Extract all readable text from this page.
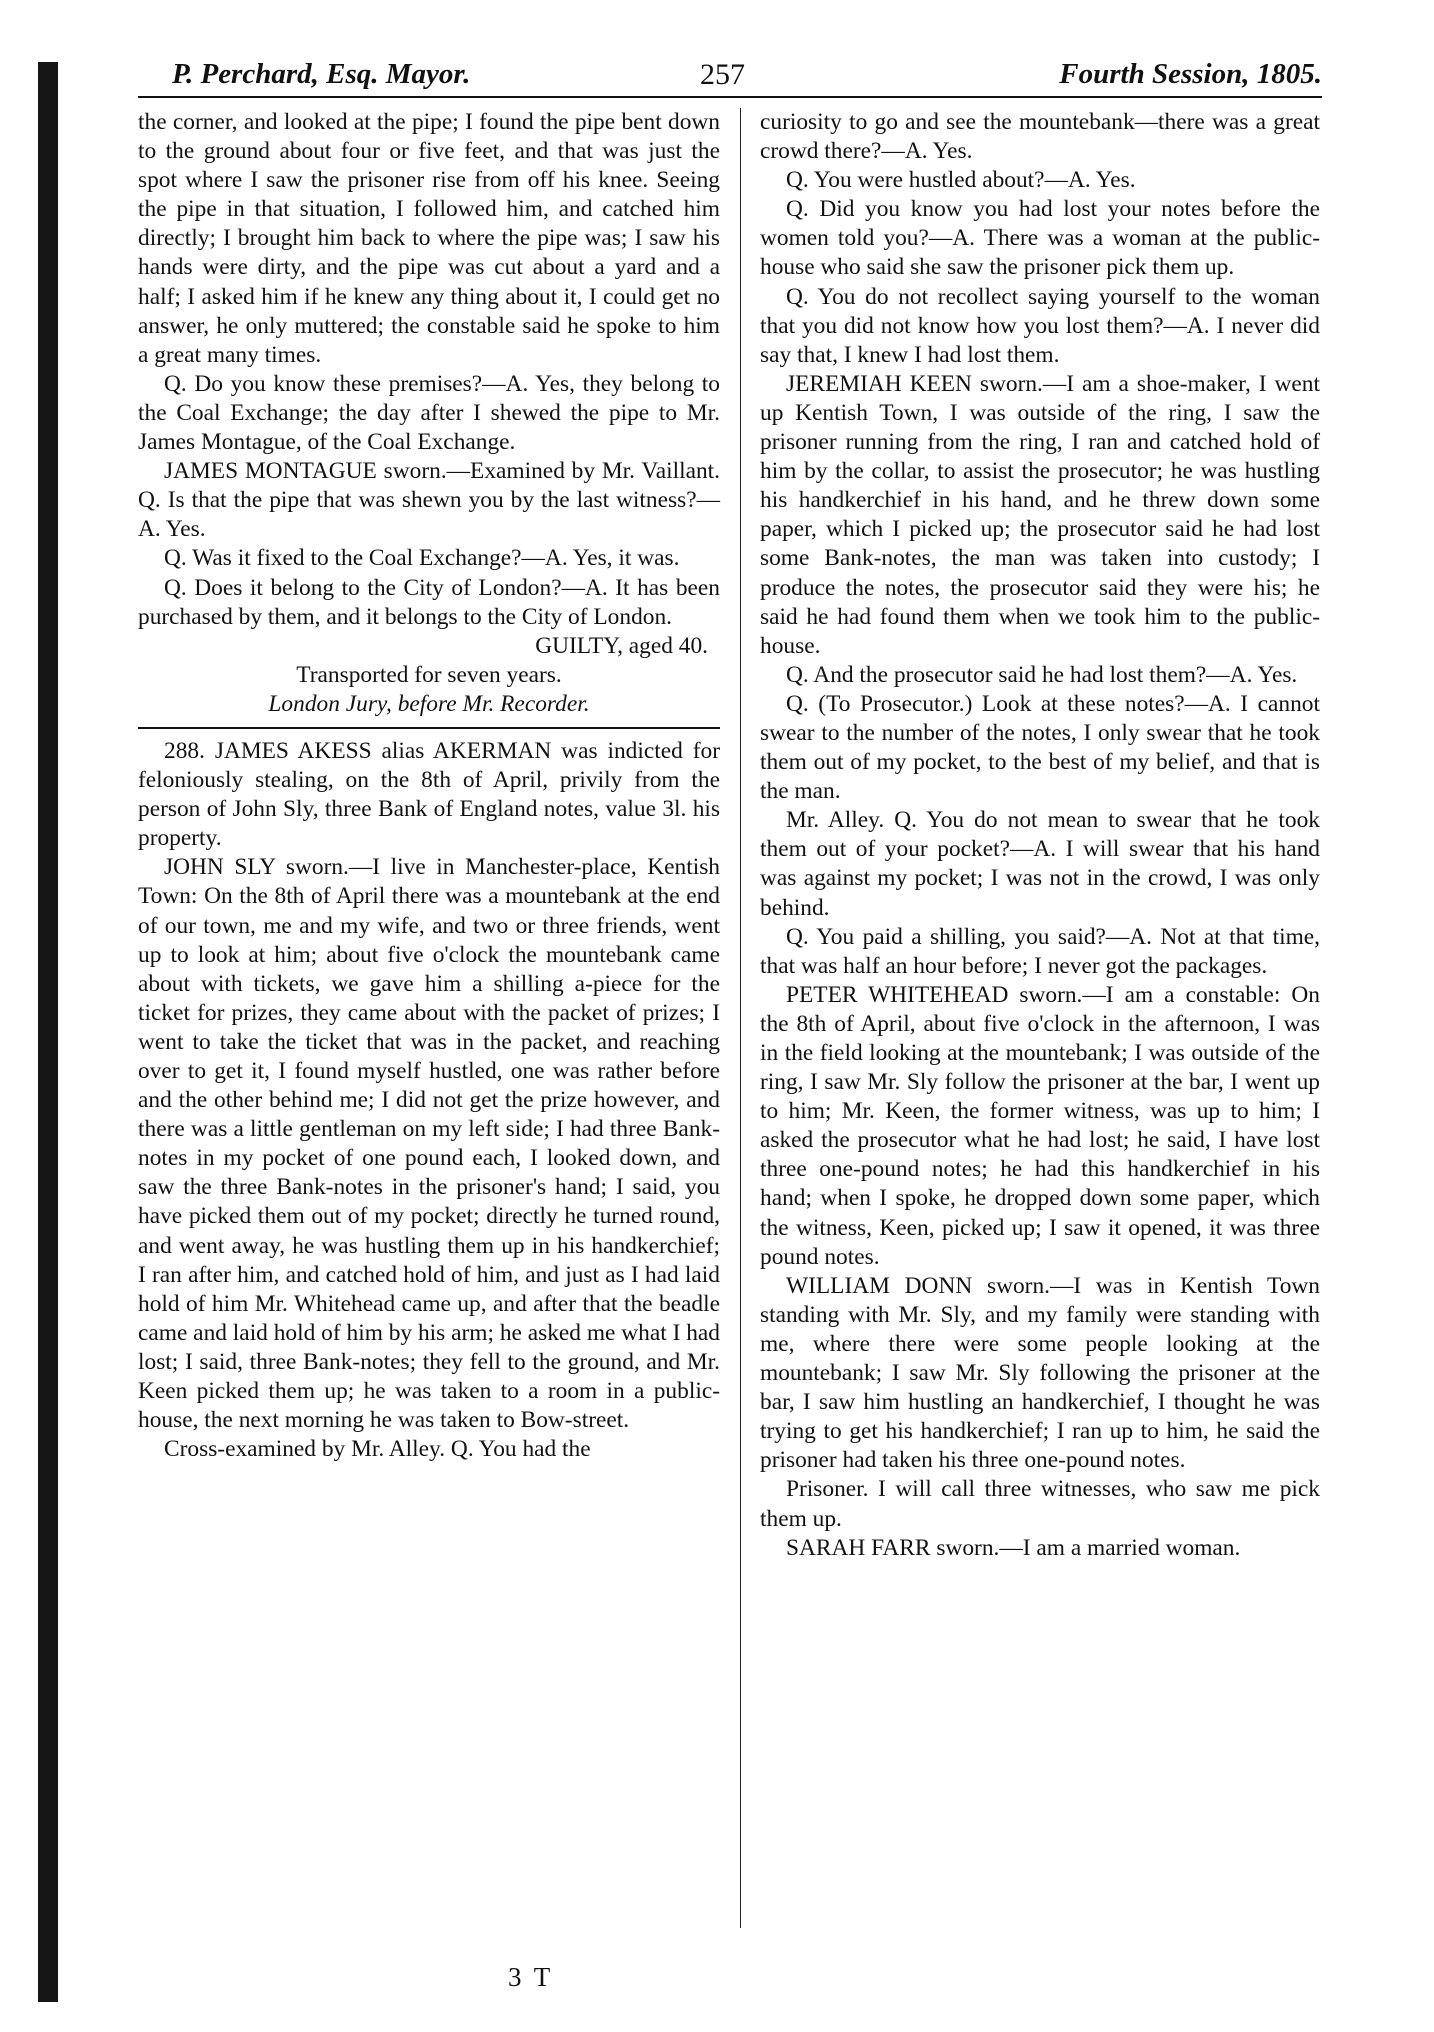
P. Perchard, Esq. Mayor.	257	Fourth Session, 1805.

the corner, and looked at the pipe; I found the pipe bent down to the ground about four or five feet, and that was just the spot where I saw the prisoner rise from off his knee. Seeing the pipe in that situation, I followed him, and catched him directly; I brought him back to where the pipe was; I saw his hands were dirty, and the pipe was cut about a yard and a half; I asked him if he knew any thing about it, I could get no answer, he only muttered; the constable said he spoke to him a great many times.

Q. Do you know these premises?—A. Yes, they belong to the Coal Exchange; the day after I shewed the pipe to Mr. James Montague, of the Coal Exchange.

JAMES MONTAGUE sworn.—Examined by Mr. Vaillant. Q. Is that the pipe that was shewn you by the last witness?—A. Yes.

Q. Was it fixed to the Coal Exchange?—A. Yes, it was.

Q. Does it belong to the City of London?—A. It has been purchased by them, and it belongs to the City of London.

GUILTY, aged 40.

Transported for seven years.

London Jury, before Mr. Recorder.

288. JAMES AKESS alias AKERMAN was indicted for feloniously stealing, on the 8th of April, privily from the person of John Sly, three Bank of England notes, value 3l. his property.

JOHN SLY sworn.—I live in Manchester-place, Kentish Town: On the 8th of April there was a mountebank at the end of our town, me and my wife, and two or three friends, went up to look at him; about five o'clock the mountebank came about with tickets, we gave him a shilling a-piece for the ticket for prizes, they came about with the packet of prizes; I went to take the ticket that was in the packet, and reaching over to get it, I found myself hustled, one was rather before and the other behind me; I did not get the prize however, and there was a little gentleman on my left side; I had three Bank-notes in my pocket of one pound each, I looked down, and saw the three Bank-notes in the prisoner's hand; I said, you have picked them out of my pocket; directly he turned round, and went away, he was hustling them up in his handkerchief; I ran after him, and catched hold of him, and just as I had laid hold of him Mr. Whitehead came up, and after that the beadle came and laid hold of him by his arm; he asked me what I had lost; I said, three Bank-notes; they fell to the ground, and Mr. Keen picked them up; he was taken to a room in a public-house, the next morning he was taken to Bow-street.

Cross-examined by Mr. Alley. Q. You had the

curiosity to go and see the mountebank—there was a great crowd there?—A. Yes.

Q. You were hustled about?—A. Yes.

Q. Did you know you had lost your notes before the women told you?—A. There was a woman at the public-house who said she saw the prisoner pick them up.

Q. You do not recollect saying yourself to the woman that you did not know how you lost them?—A. I never did say that, I knew I had lost them.

JEREMIAH KEEN sworn.—I am a shoe-maker, I went up Kentish Town, I was outside of the ring, I saw the prisoner running from the ring, I ran and catched hold of him by the collar, to assist the prosecutor; he was hustling his handkerchief in his hand, and he threw down some paper, which I picked up; the prosecutor said he had lost some Bank-notes, the man was taken into custody; I produce the notes, the prosecutor said they were his; he said he had found them when we took him to the public-house.

Q. And the prosecutor said he had lost them?—A. Yes.

Q. (To Prosecutor.) Look at these notes?—A. I cannot swear to the number of the notes, I only swear that he took them out of my pocket, to the best of my belief, and that is the man.

Mr. Alley. Q. You do not mean to swear that he took them out of your pocket?—A. I will swear that his hand was against my pocket; I was not in the crowd, I was only behind.

Q. You paid a shilling, you said?—A. Not at that time, that was half an hour before; I never got the packages.

PETER WHITEHEAD sworn.—I am a constable: On the 8th of April, about five o'clock in the afternoon, I was in the field looking at the mountebank; I was outside of the ring, I saw Mr. Sly follow the prisoner at the bar, I went up to him; Mr. Keen, the former witness, was up to him; I asked the prosecutor what he had lost; he said, I have lost three one-pound notes; he had this handkerchief in his hand; when I spoke, he dropped down some paper, which the witness, Keen, picked up; I saw it opened, it was three pound notes.

WILLIAM DONN sworn.—I was in Kentish Town standing with Mr. Sly, and my family were standing with me, where there were some people looking at the mountebank; I saw Mr. Sly following the prisoner at the bar, I saw him hustling an handkerchief, I thought he was trying to get his handkerchief; I ran up to him, he said the prisoner had taken his three one-pound notes.

Prisoner. I will call three witnesses, who saw me pick them up.

SARAH FARR sworn.—I am a married woman.

3 T
